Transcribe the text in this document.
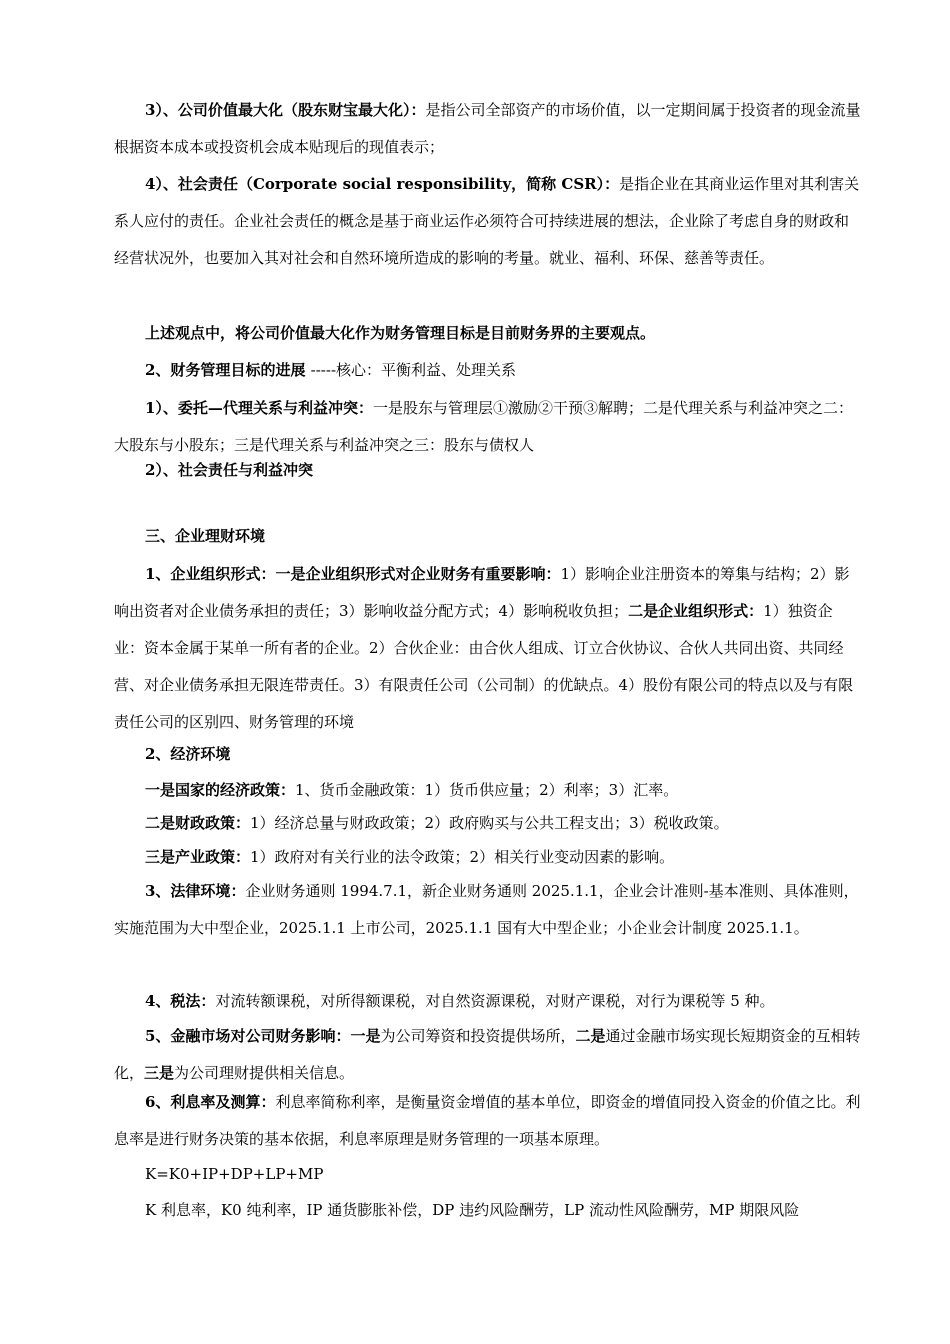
3）、公司价值最大化（股东财宝最大化）：是指公司全部资产的市场价值，以一定期间属于投资者的现金流量根据资本成本或投资机会成本贴现后的现值表示；

4）、社会责任（Corporate social responsibility，简称 CSR）：是指企业在其商业运作里对其利害关系人应付的责任。企业社会责任的概念是基于商业运作必须符合可持续进展的想法，企业除了考虑自身的财政和经营状况外，也要加入其对社会和自然环境所造成的影响的考量。就业、福利、环保、慈善等责任。

上述观点中，将公司价值最大化作为财务管理目标是目前财务界的主要观点。

2、财务管理目标的进展 -----核心：平衡利益、处理关系

1）、委托—代理关系与利益冲突：一是股东与管理层①激励②干预③解聘；二是代理关系与利益冲突之二：大股东与小股东；三是代理关系与利益冲突之三：股东与债权人

2）、社会责任与利益冲突

三、企业理财环境

1、企业组织形式：一是企业组织形式对企业财务有重要影响：1）影响企业注册资本的筹集与结构；2）影响出资者对企业债务承担的责任；3）影响收益分配方式；4）影响税收负担；二是企业组织形式：1）独资企业：资本金属于某单一所有者的企业。2）合伙企业：由合伙人组成、订立合伙协议、合伙人共同出资、共同经营、对企业债务承担无限连带责任。3）有限责任公司（公司制）的优缺点。4）股份有限公司的特点以及与有限责任公司的区别四、财务管理的环境

2、经济环境

一是国家的经济政策：1、货币金融政策：1）货币供应量；2）利率；3）汇率。

二是财政政策：1）经济总量与财政政策；2）政府购买与公共工程支出；3）税收政策。

三是产业政策：1）政府对有关行业的法令政策；2）相关行业变动因素的影响。

3、法律环境：企业财务通则 1994.7.1，新企业财务通则 2025.1.1，企业会计准则-基本准则、具体准则，实施范围为大中型企业，2025.1.1 上市公司，2025.1.1 国有大中型企业；小企业会计制度 2025.1.1。

4、税法：对流转额课税，对所得额课税，对自然资源课税，对财产课税，对行为课税等 5 种。

5、金融市场对公司财务影响：一是为公司筹资和投资提供场所，二是通过金融市场实现长短期资金的互相转化，三是为公司理财提供相关信息。

6、利息率及测算：利息率简称利率，是衡量资金增值的基本单位，即资金的增值同投入资金的价值之比。利息率是进行财务决策的基本依据，利息率原理是财务管理的一项基本原理。

K=K0+IP+DP+LP+MP

K 利息率，K0 纯利率，IP 通货膨胀补偿，DP 违约风险酬劳，LP 流动性风险酬劳，MP 期限风险
